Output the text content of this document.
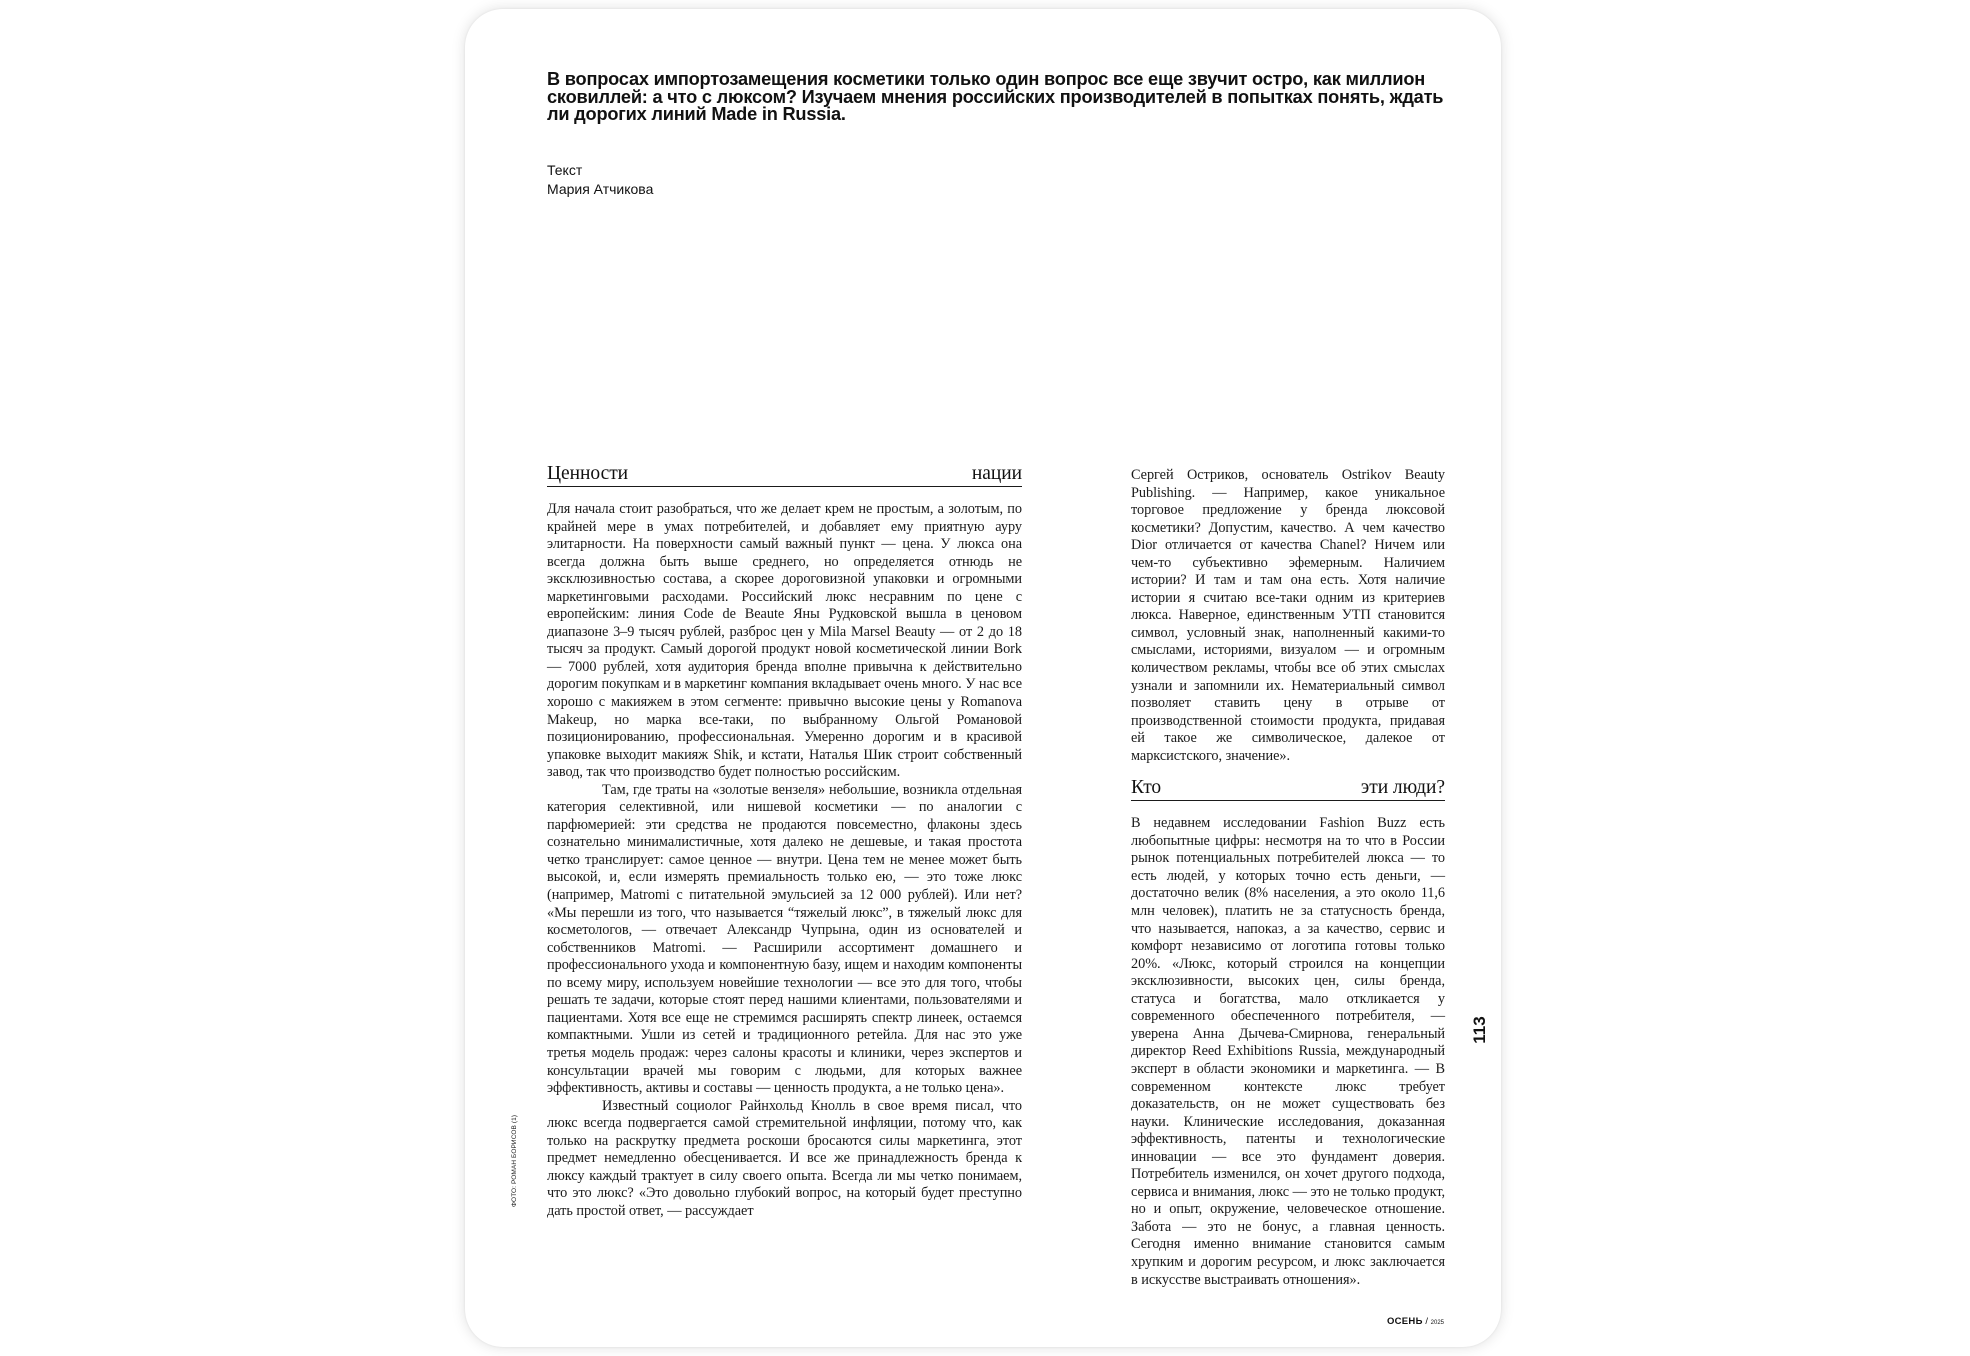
В вопросах импортозамещения косметики только один вопрос все еще звучит остро, как миллион сковиллей: а что с люксом? Изучаем мнения российских производителей в попытках понять, ждать ли дорогих линий Made in Russia.

Текст
Мария Атчикова
Ценности	нации

Для начала стоит разобраться, что же делает крем не простым, а золотым, по крайней мере в умах потребителей, и добавляет ему приятную ауру элитарности. На поверхности самый важный пункт — цена. У люкса она всегда должна быть выше среднего, но определяется отнюдь не эксклюзивностью состава, а скорее дороговизной упаковки и огромными маркетинговыми расходами. Российский люкс несравним по цене с европейским: линия Code de Beaute Яны Рудковской вышла в ценовом диапазоне 3–9 тысяч рублей, разброс цен у Mila Marsel Beauty — от 2 до 18 тысяч за продукт. Самый дорогой продукт новой косметической линии Bork — 7000 рублей, хотя аудитория бренда вполне привычна к действительно дорогим покупкам и в маркетинг компания вкладывает очень много. У нас все хорошо с макияжем в этом сегменте: привычно высокие цены у Romanova Makeup, но марка все-таки, по выбранному Ольгой Романовой позиционированию, профессиональная. Умеренно дорогим и в красивой упаковке выходит макияж Shik, и кстати, Наталья Шик строит собственный завод, так что производство будет полностью российским.

Там, где траты на «золотые вензеля» небольшие, возникла отдельная категория селективной, или нишевой косметики — по аналогии с парфюмерией: эти средства не продаются повсеместно, флаконы здесь сознательно минималистичные, хотя далеко не дешевые, и такая простота четко транслирует: самое ценное — внутри. Цена тем не менее может быть высокой, и, если измерять премиальность только ею, — это тоже люкс (например, Matromi с питательной эмульсией за 12 000 рублей). Или нет? «Мы перешли из того, что называется “тяжелый люкс”, в тяжелый люкс для косметологов, — отвечает Александр Чупрына, один из основателей и собственников Matromi. — Расширили ассортимент домашнего и профессионального ухода и компонентную базу, ищем и находим компоненты по всему миру, используем новейшие технологии — все это для того, чтобы решать те задачи, которые стоят перед нашими клиентами, пользователями и пациентами. Хотя все еще не стремимся расширять спектр линеек, остаемся компактными. Ушли из сетей и традиционного ретейла. Для нас это уже третья модель продаж: через салоны красоты и клиники, через экспертов и консультации врачей мы говорим с людьми, для которых важнее эффективность, активы и составы — ценность продукта, а не только цена».

Известный социолог Райнхольд Кнолль в свое время писал, что люкс всегда подвергается самой стремительной инфляции, потому что, как только на раскрутку предмета роскоши бросаются силы маркетинга, этот предмет немедленно обесценивается. И все же принадлежность бренда к люксу каждый трактует в силу своего опыта. Всегда ли мы четко понимаем, что это люкс? «Это довольно глубокий вопрос, на который будет преступно дать простой ответ, — рассуждает

Сергей Остриков, основатель Ostrikov Beauty Publishing. — Например, какое уникальное торговое предложение у бренда люксовой косметики? Допустим, качество. А чем качество Dior отличается от качества Chanel? Ничем или чем-то субъективно эфемерным. Наличием истории? И там и там она есть. Хотя наличие истории я считаю все-таки одним из критериев люкса. Наверное, единственным УТП становится символ, условный знак, наполненный какими-то смыслами, историями, визуалом — и огромным количеством рекламы, чтобы все об этих смыслах узнали и запомнили их. Нематериальный символ позволяет ставить цену в отрыве от производственной стоимости продукта, придавая ей такое же символическое, далекое от марксистского, значение».

Кто	эти люди?

В недавнем исследовании Fashion Buzz есть любопытные цифры: несмотря на то что в России рынок потенциальных потребителей люкса — то есть людей, у которых точно есть деньги, — достаточно велик (8% населения, а это около 11,6 млн человек), платить не за статусность бренда, что называется, напоказ, а за качество, сервис и комфорт независимо от логотипа готовы только 20%. «Люкс, который строился на концепции эксклюзивности, высоких цен, силы бренда, статуса и богатства, мало откликается у современного обеспеченного потребителя, — уверена Анна Дычева-Смирнова, генеральный директор Reed Exhibitions Russia, международный эксперт в области экономики и маркетинга. — В современном контексте люкс требует доказательств, он не может существовать без науки. Клинические исследования, доказанная эффективность, патенты и технологические инновации — все это фундамент доверия. Потребитель изменился, он хочет другого подхода, сервиса и внимания, люкс — это не только продукт, но и опыт, окружение, человеческое отношение. Забота — это не бонус, а главная ценность. Сегодня именно внимание становится самым хрупким и дорогим ресурсом, и люкс заключается в искусстве выстраивать отношения».

113
ФОТО: РОМАН БОРИСОВ (1)
ОСЕНЬ / 2025
